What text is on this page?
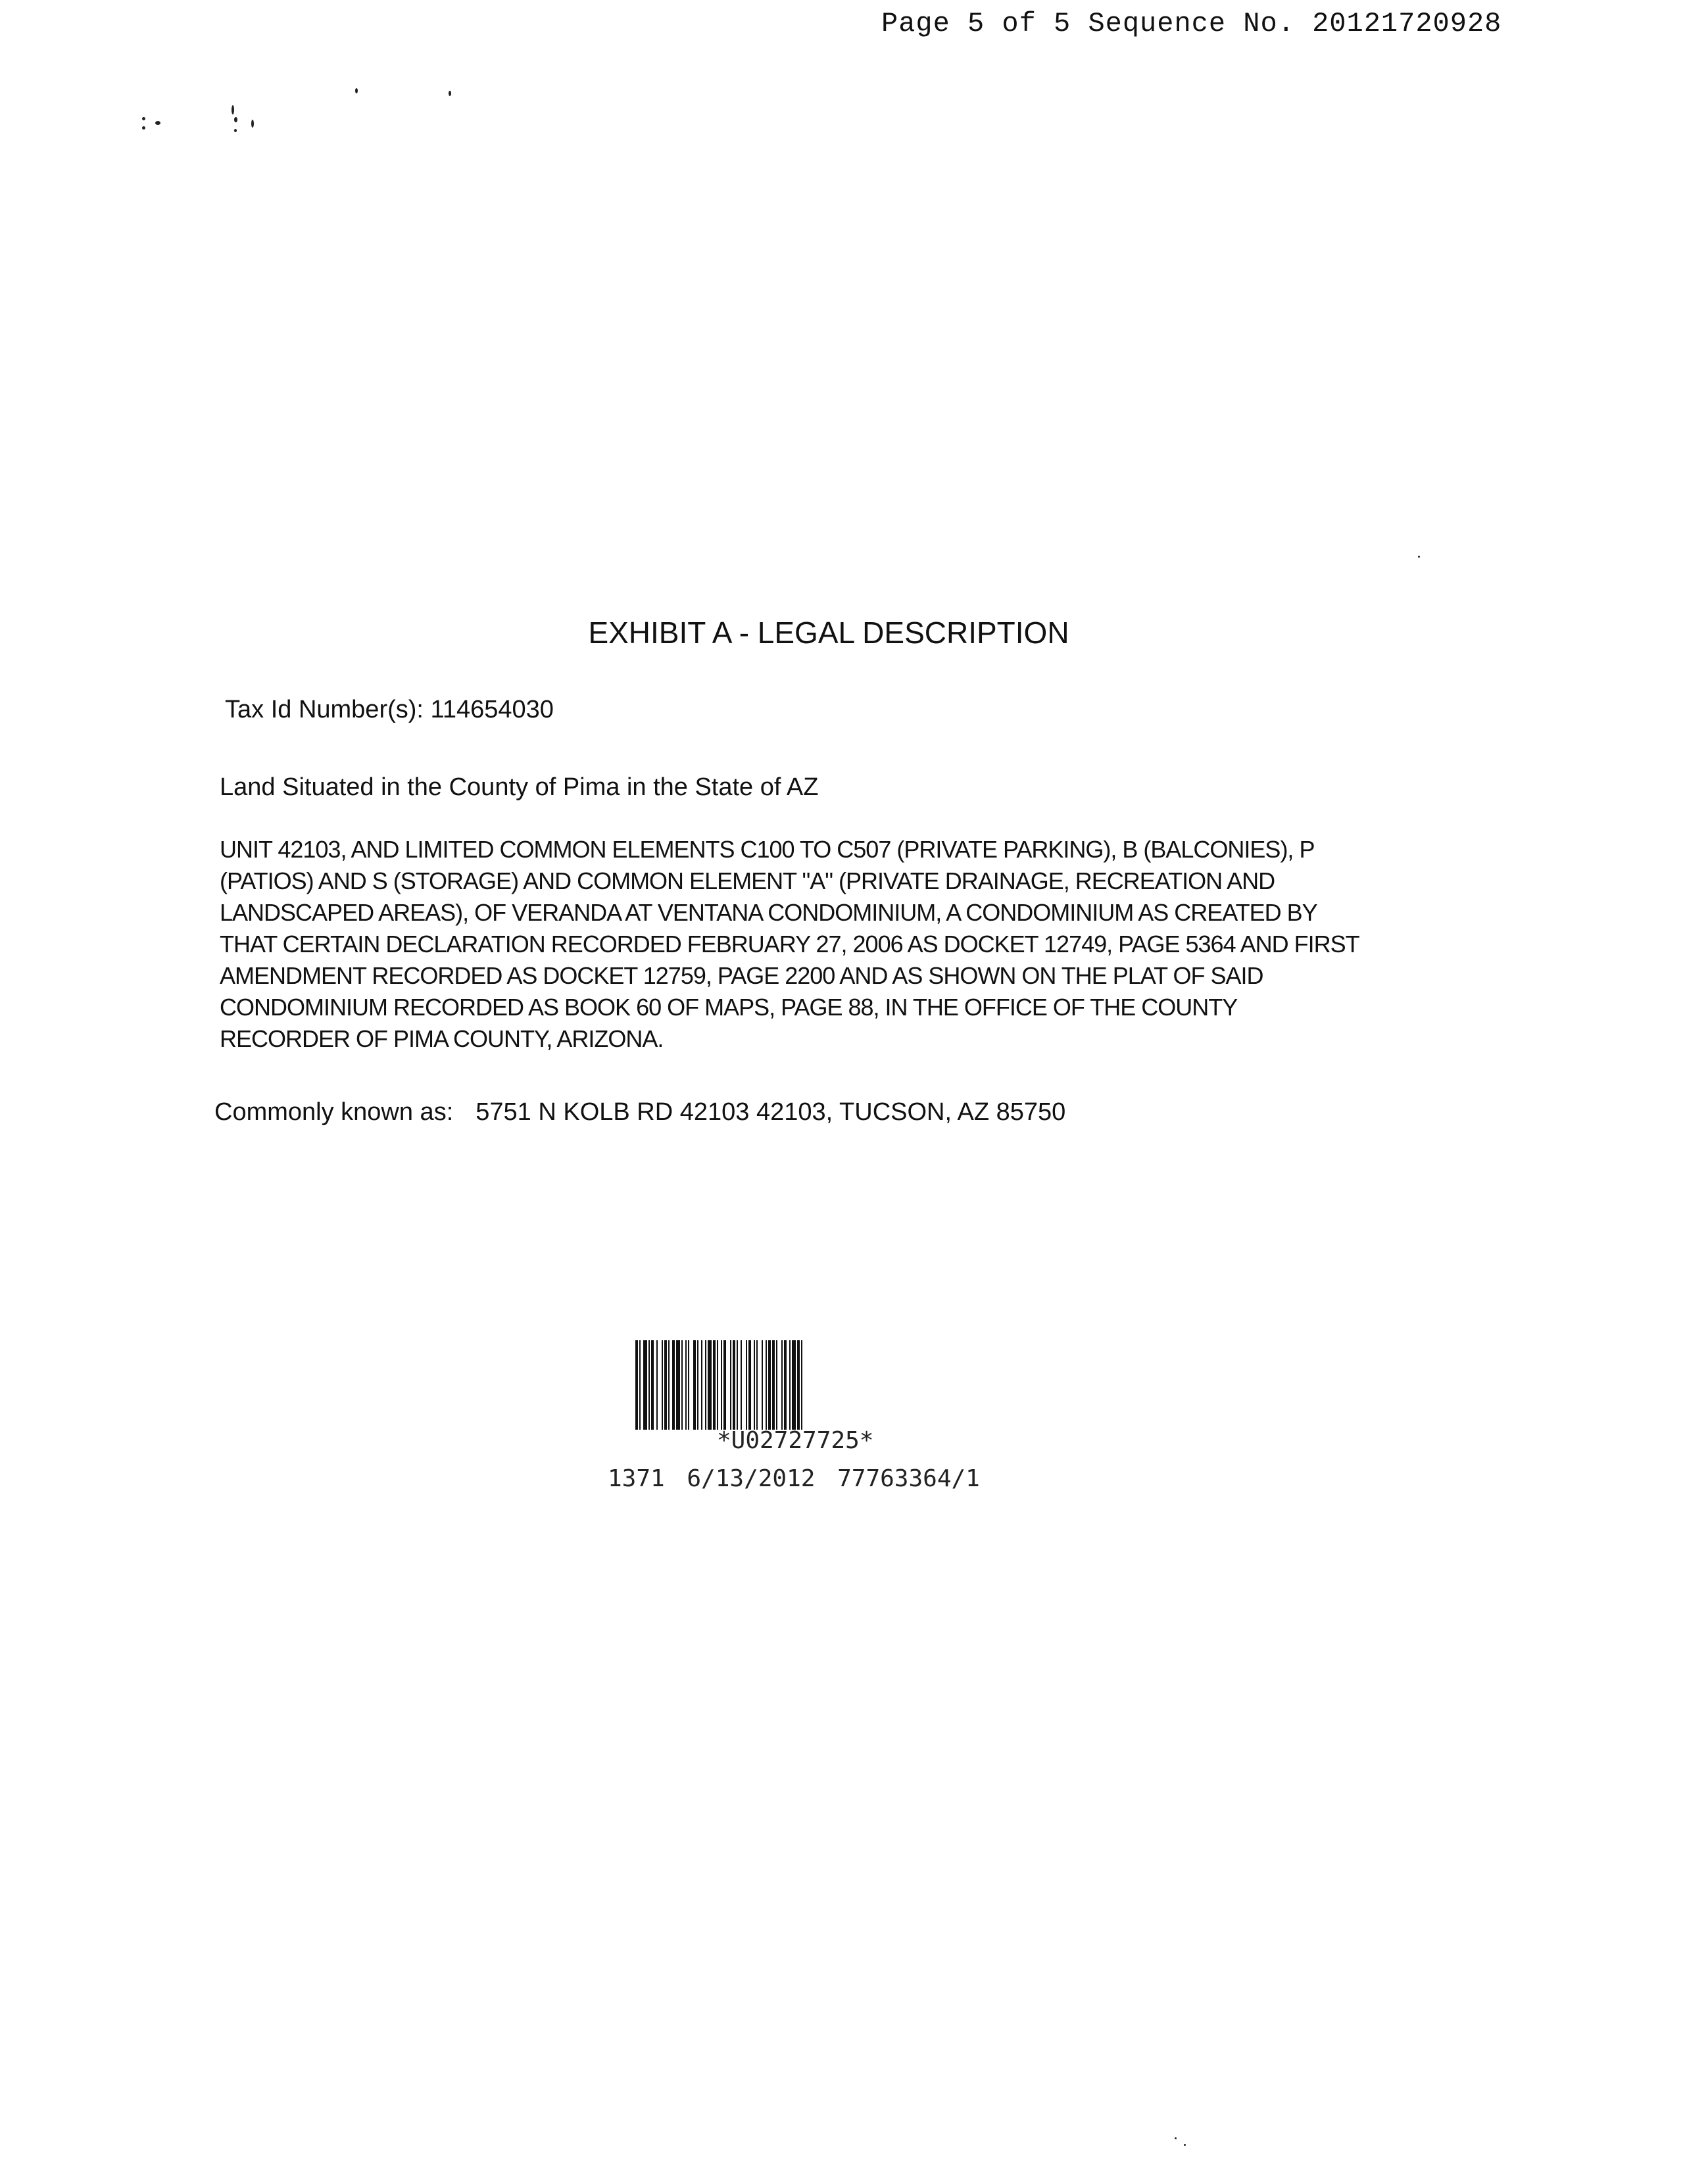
Page 5 of 5 Sequence No. 20121720928
EXHIBIT A - LEGAL DESCRIPTION
Tax Id Number(s): 114654030
Land Situated in the County of Pima in the State of AZ
UNIT 42103, AND LIMITED COMMON ELEMENTS C100 TO C507 (PRIVATE PARKING), B (BALCONIES), P
(PATIOS) AND S (STORAGE) AND COMMON ELEMENT "A" (PRIVATE DRAINAGE, RECREATION AND
LANDSCAPED AREAS), OF VERANDA AT VENTANA CONDOMINIUM, A CONDOMINIUM AS CREATED BY
THAT CERTAIN DECLARATION RECORDED FEBRUARY 27, 2006 AS DOCKET 12749, PAGE 5364 AND FIRST
AMENDMENT RECORDED AS DOCKET 12759, PAGE 2200 AND AS SHOWN ON THE PLAT OF SAID
CONDOMINIUM RECORDED AS BOOK 60 OF MAPS, PAGE 88, IN THE OFFICE OF THE COUNTY
RECORDER OF PIMA COUNTY, ARIZONA.
Commonly known as: 5751 N KOLB RD 42103 42103, TUCSON, AZ 85750
*U02727725*
1371 6/13/2012 77763364/1
